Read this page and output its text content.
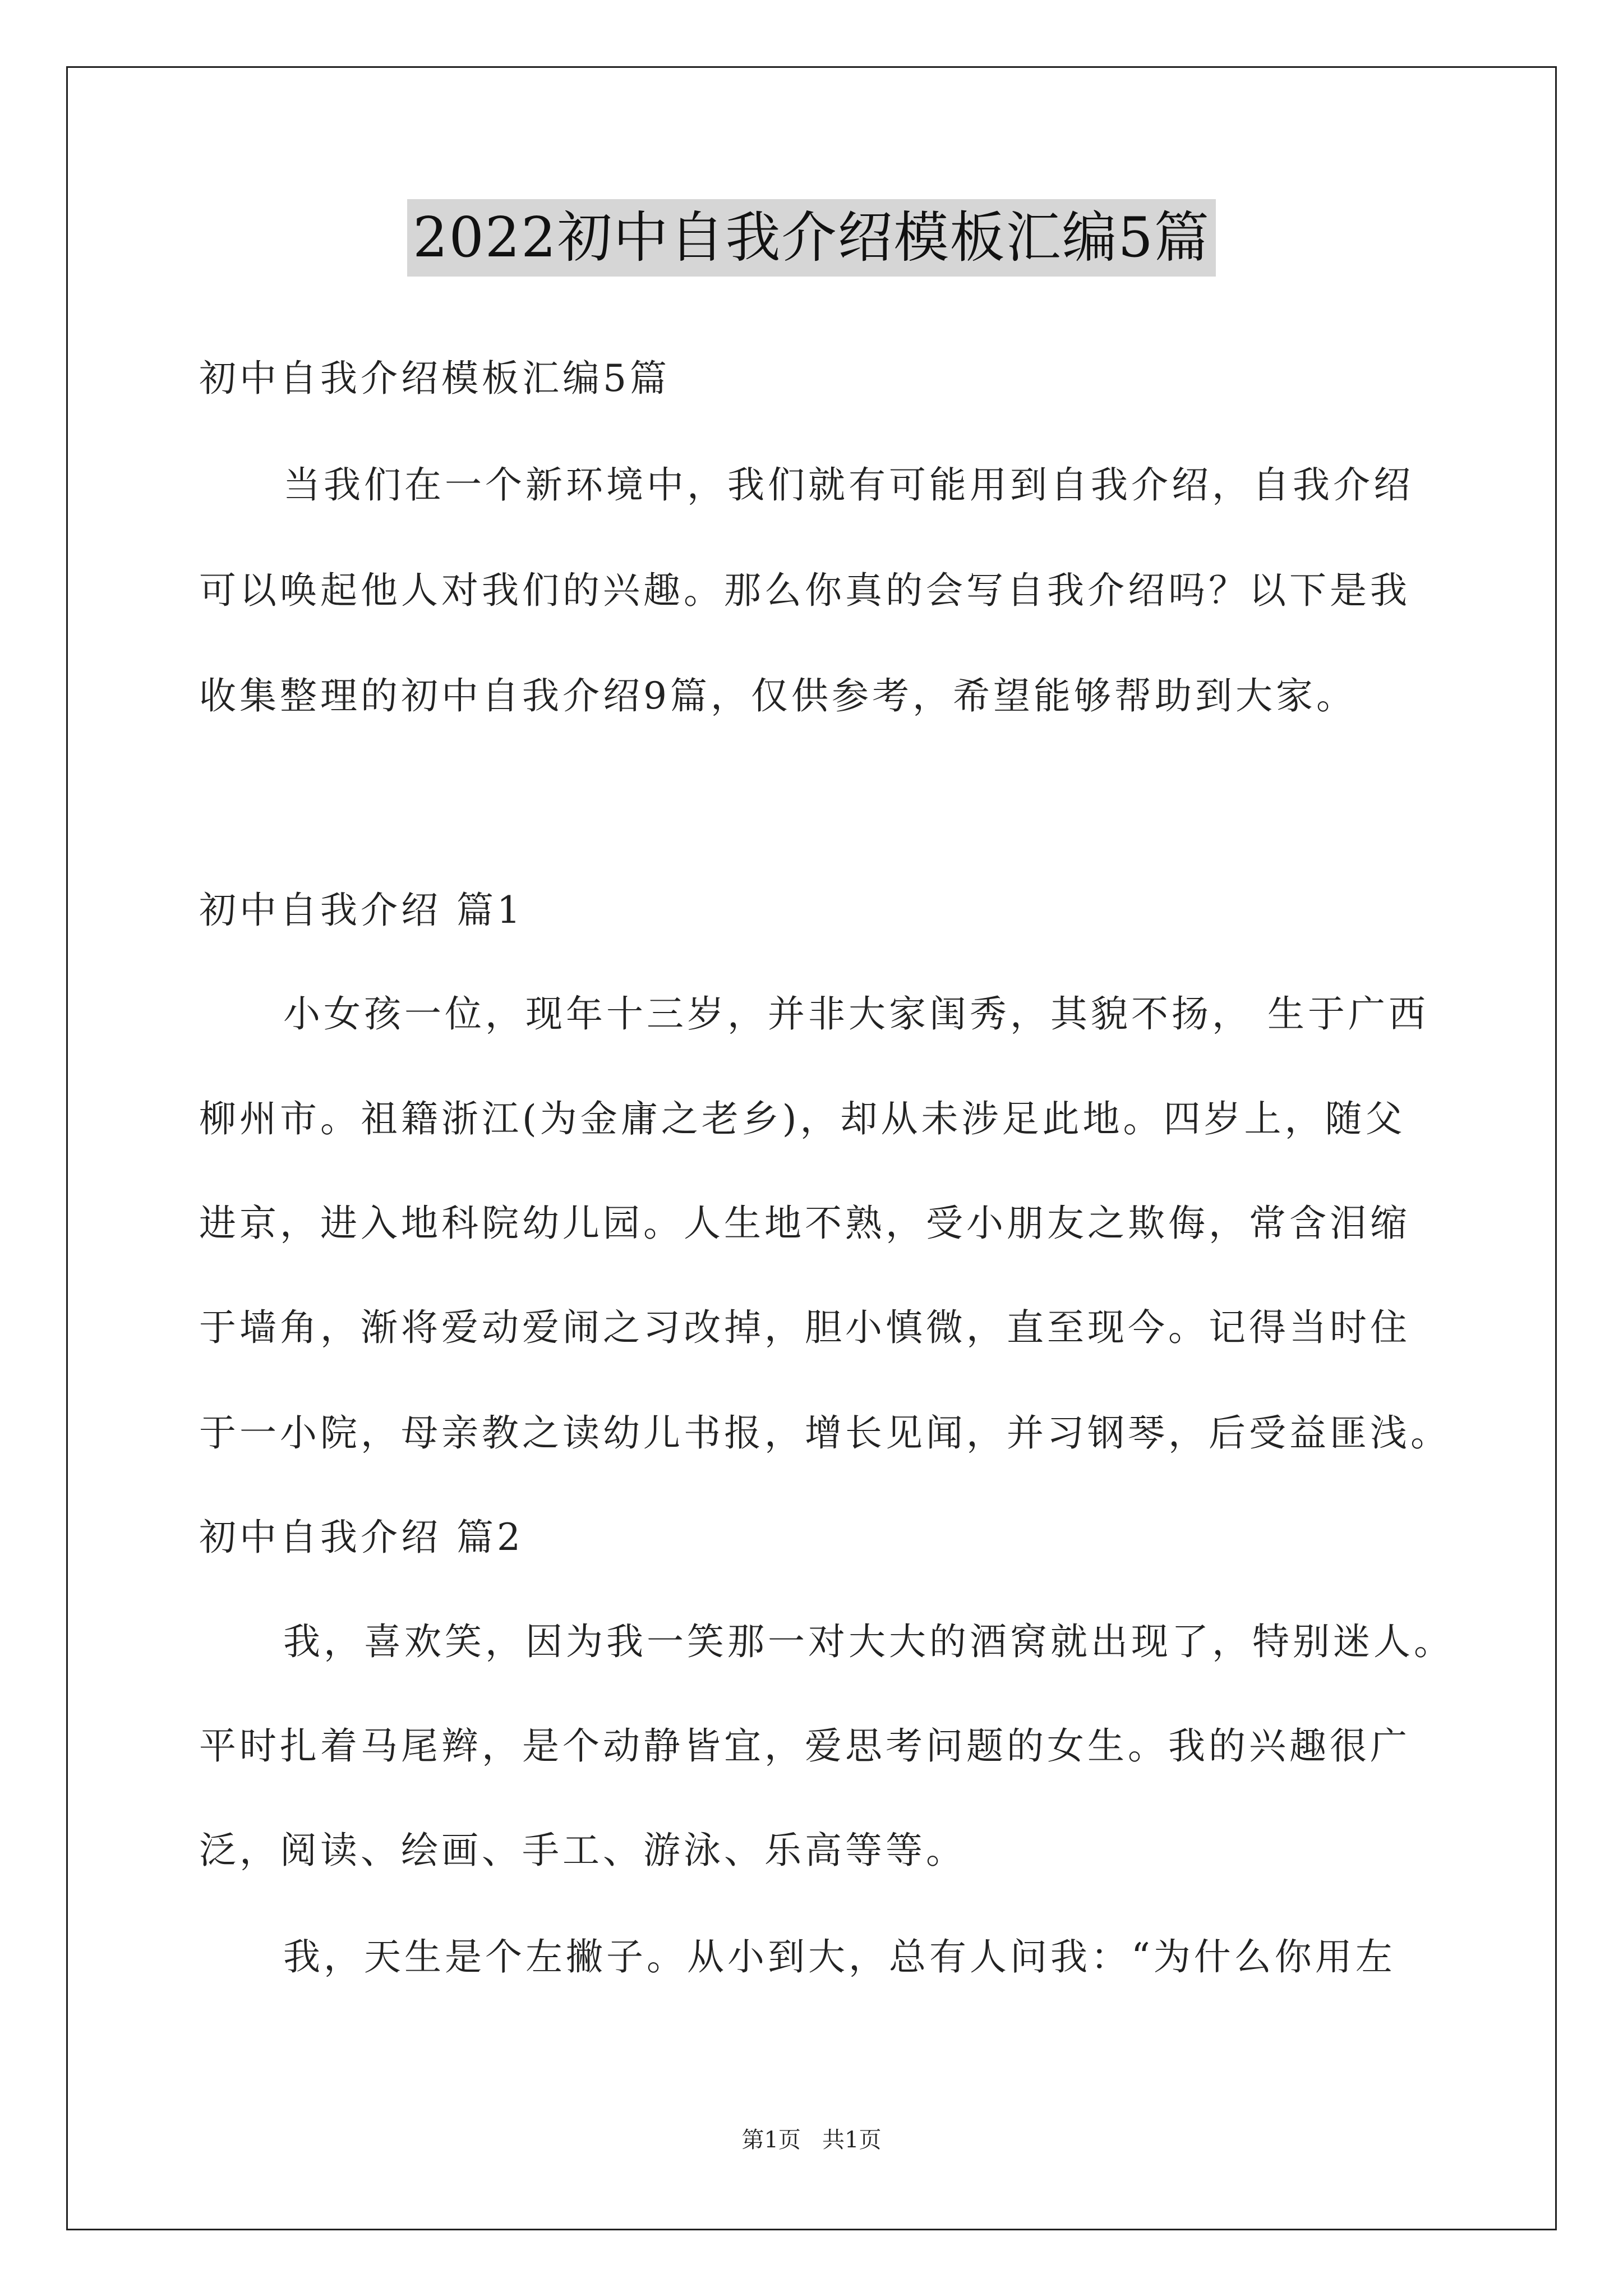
2022初中自我介绍模板汇编5篇
初中自我介绍模板汇编5篇
当我们在一个新环境中，我们就有可能用到自我介绍，自我介绍
可以唤起他人对我们的兴趣。那么你真的会写自我介绍吗？以下是我
收集整理的初中自我介绍9篇，仅供参考，希望能够帮助到大家。
初中自我介绍 篇1
小女孩一位，现年十三岁，并非大家闺秀，其貌不扬， 生于广西
柳州市。祖籍浙江(为金庸之老乡)，却从未涉足此地。四岁上，随父
进京，进入地科院幼儿园。人生地不熟，受小朋友之欺侮，常含泪缩
于墙角，渐将爱动爱闹之习改掉，胆小慎微，直至现今。记得当时住
于一小院，母亲教之读幼儿书报，增长见闻，并习钢琴，后受益匪浅。
初中自我介绍 篇2
我，喜欢笑，因为我一笑那一对大大的酒窝就出现了，特别迷人。
平时扎着马尾辫，是个动静皆宜，爱思考问题的女生。我的兴趣很广
泛，阅读、绘画、手工、游泳、乐高等等。
我，天生是个左撇子。从小到大，总有人问我：“为什么你用左
第1页   共1页
